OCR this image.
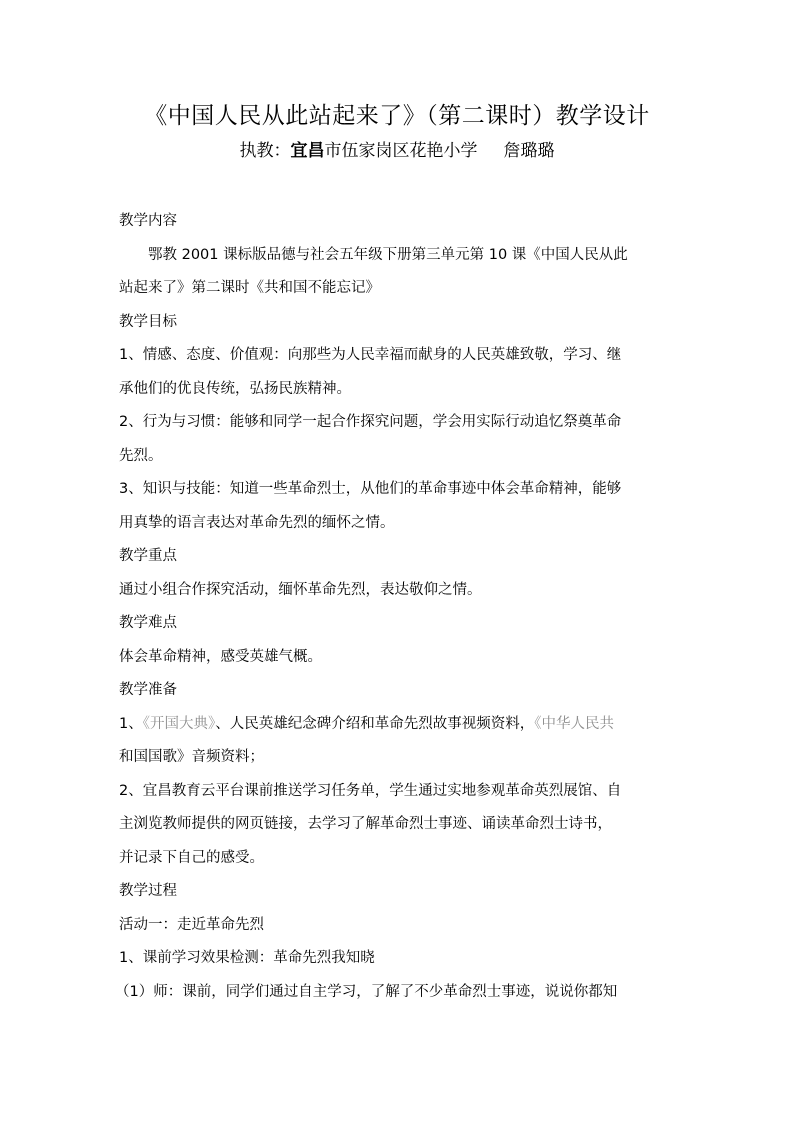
《中国人民从此站起来了》（第二课时）教学设计
执教：宜昌市伍家岗区花艳小学 詹璐璐
教学内容
鄂教 2001 课标版品德与社会五年级下册第三单元第 10 课《中国人民从此
站起来了》第二课时《共和国不能忘记》
教学目标
1、情感、态度、价值观：向那些为人民幸福而献身的人民英雄致敬，学习、继
承他们的优良传统，弘扬民族精神。
2、行为与习惯：能够和同学一起合作探究问题，学会用实际行动追忆祭奠革命
先烈。
3、知识与技能：知道一些革命烈士，从他们的革命事迹中体会革命精神，能够
用真挚的语言表达对革命先烈的缅怀之情。
教学重点
通过小组合作探究活动，缅怀革命先烈，表达敬仰之情。
教学难点
体会革命精神，感受英雄气概。
教学准备
1、《开国大典》、人民英雄纪念碑介绍和革命先烈故事视频资料，《中华人民共
和国国歌》音频资料；
2、宜昌教育云平台课前推送学习任务单，学生通过实地参观革命英烈展馆、自
主浏览教师提供的网页链接，去学习了解革命烈士事迹、诵读革命烈士诗书，
并记录下自己的感受。
教学过程
活动一：走近革命先烈
1、课前学习效果检测：革命先烈我知晓
（1）师：课前，同学们通过自主学习，了解了不少革命烈士事迹，说说你都知
